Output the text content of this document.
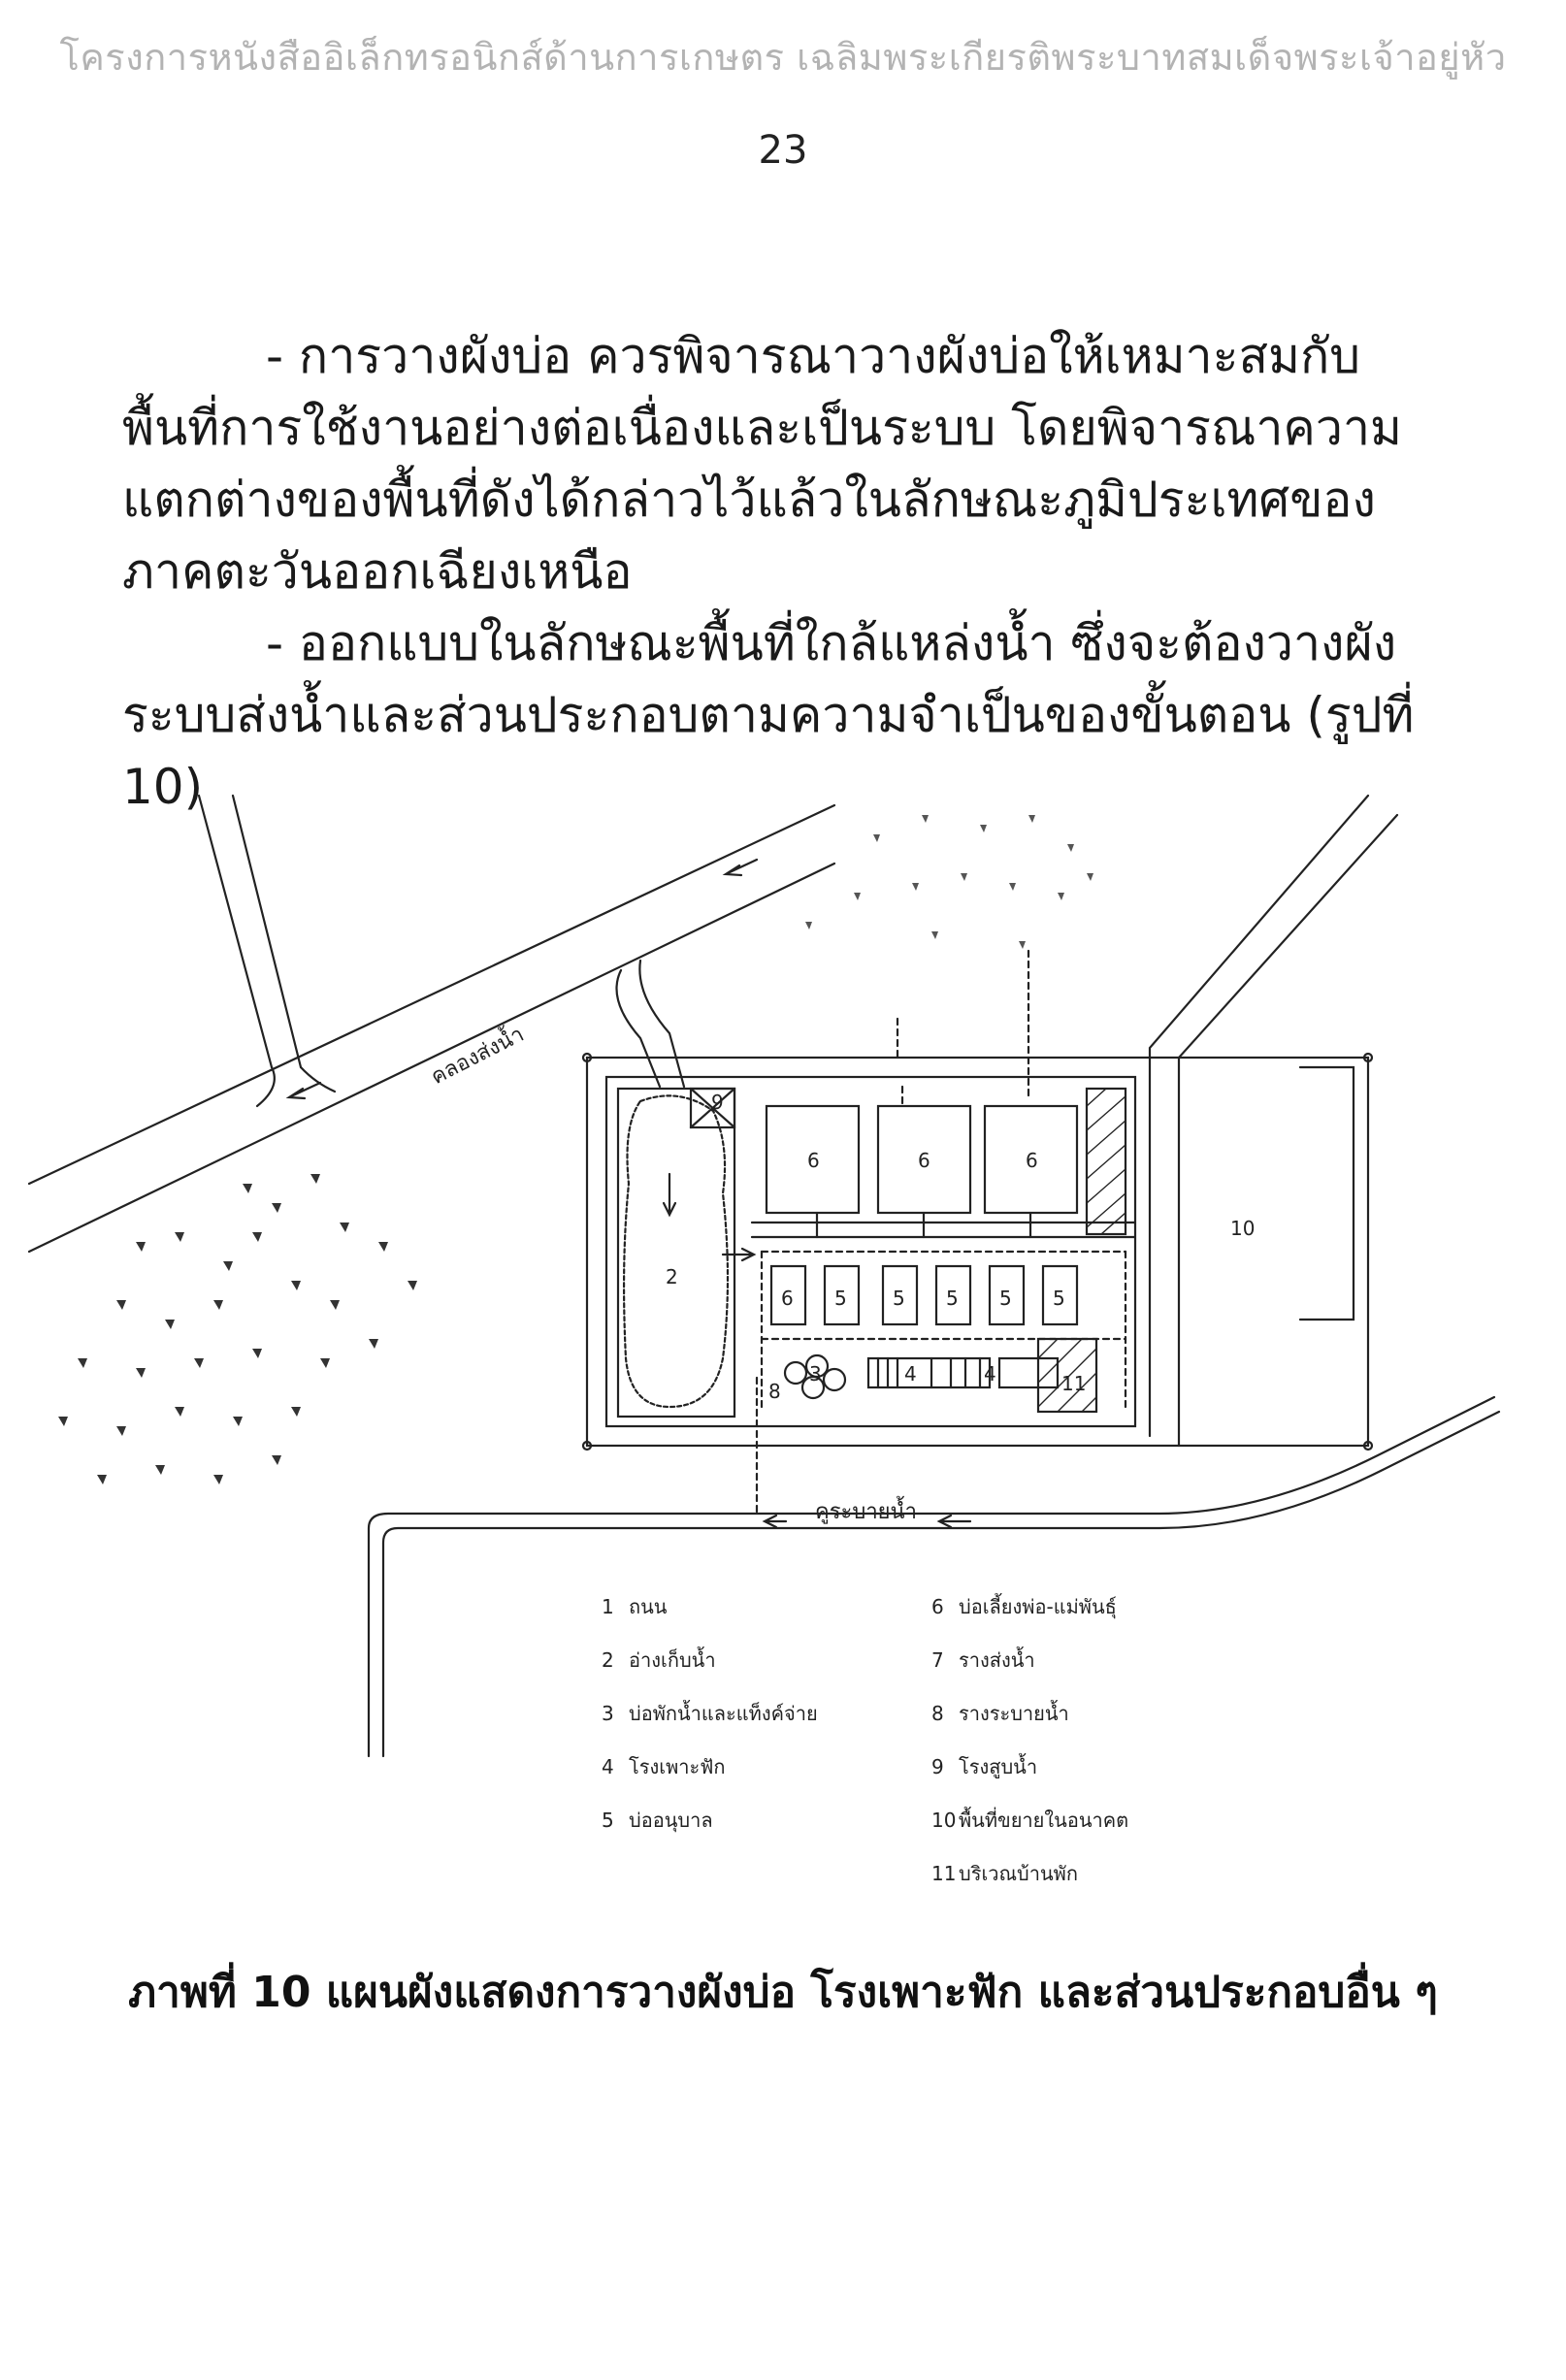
โครงการหนังสืออิเล็กทรอนิกส์ด้านการเกษตร เฉลิมพระเกียรติพระบาทสมเด็จพระเจ้าอยู่หัว
23

- การวางผังบ่อ ควรพิจารณาวางผังบ่อให้เหมาะสมกับพื้นที่การใช้งานอย่างต่อเนื่องและเป็นระบบ โดยพิจารณาความแตกต่างของพื้นที่ดังได้กล่าวไว้แล้วในลักษณะภูมิประเทศของภาคตะวันออกเฉียงเหนือ

- ออกแบบในลักษณะพื้นที่ใกล้แหล่งน้ำ ซึ่งจะต้องวางผังระบบส่งน้ำและส่วนประกอบตามความจำเป็นของขั้นตอน (รูปที่ 10)

2
9
6	6	6
10
6 5 5 5 5 5
8
3	4	4	11
คลองส่งน้ำ
คูระบายน้ำ
1 ถนน
2 อ่างเก็บน้ำ
3 บ่อพักน้ำและแท็งค์จ่าย
4 โรงเพาะฟัก
5 บ่ออนุบาล
6 บ่อเลี้ยงพ่อ-แม่พันธุ์
7 รางส่งน้ำ
8 รางระบายน้ำ
9 โรงสูบน้ำ
10 พื้นที่ขยายในอนาคต
11 บริเวณบ้านพัก
ภาพที่ 10 แผนผังแสดงการวางผังบ่อ โรงเพาะฟัก และส่วนประกอบอื่น ๆ
